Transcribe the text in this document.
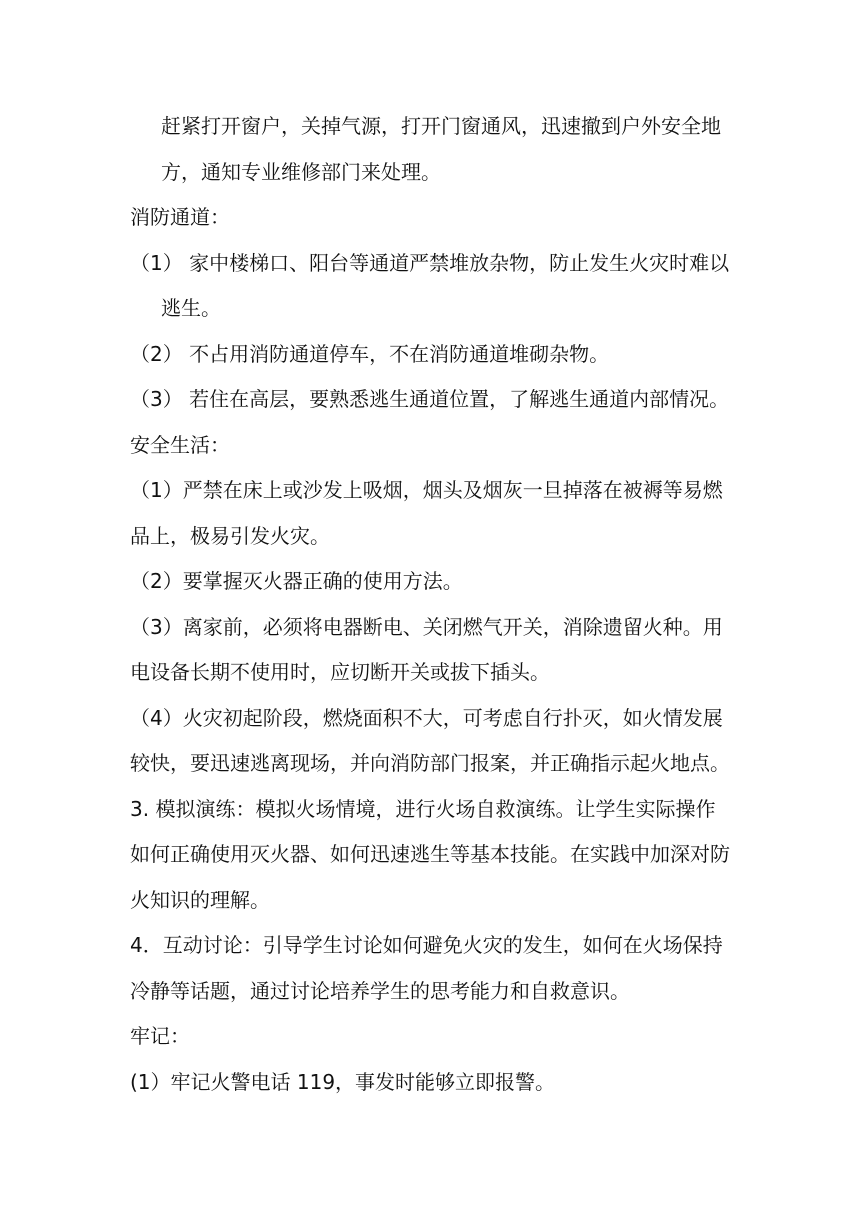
赶紧打开窗户，关掉气源，打开门窗通风，迅速撤到户外安全地
方，通知专业维修部门来处理。
消防通道：
（1） 家中楼梯口、阳台等通道严禁堆放杂物，防止发生火灾时难以
逃生。
（2） 不占用消防通道停车，不在消防通道堆砌杂物。
（3） 若住在高层，要熟悉逃生通道位置，了解逃生通道内部情况。
安全生活：
（1）严禁在床上或沙发上吸烟，烟头及烟灰一旦掉落在被褥等易燃
品上，极易引发火灾。
（2）要掌握灭火器正确的使用方法。
（3）离家前，必须将电器断电、关闭燃气开关，消除遗留火种。用
电设备长期不使用时，应切断开关或拔下插头。
（4）火灾初起阶段，燃烧面积不大，可考虑自行扑灭，如火情发展
较快，要迅速逃离现场，并向消防部门报案，并正确指示起火地点。
3. 模拟演练：模拟火场情境，进行火场自救演练。让学生实际操作
如何正确使用灭火器、如何迅速逃生等基本技能。在实践中加深对防
火知识的理解。
4．互动讨论：引导学生讨论如何避免火灾的发生，如何在火场保持
冷静等话题，通过讨论培养学生的思考能力和自救意识。
牢记：
(1）牢记火警电话 119，事发时能够立即报警。
